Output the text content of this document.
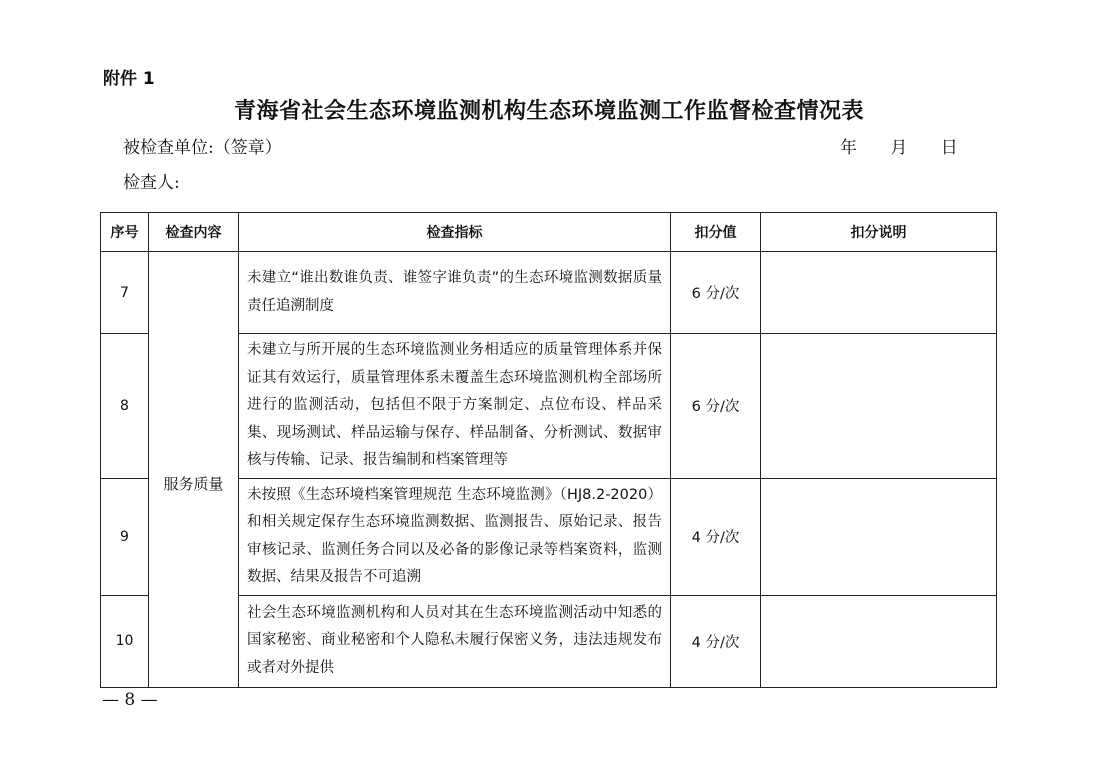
附件 1
青海省社会生态环境监测机构生态环境监测工作监督检查情况表
被检查单位:（签章）	年 月 日
检查人:
序号	检查内容	检查指标	扣分值	扣分说明
7	服务质量	未建立“谁出数谁负责、谁签字谁负责”的生态环境监测数据质量责任追溯制度	6 分/次	
8		未建立与所开展的生态环境监测业务相适应的质量管理体系并保证其有效运行，质量管理体系未覆盖生态环境监测机构全部场所进行的监测活动，包括但不限于方案制定、点位布设、样品采集、现场测试、样品运输与保存、样品制备、分析测试、数据审核与传输、记录、报告编制和档案管理等	6 分/次	
9		未按照《生态环境档案管理规范 生态环境监测》（HJ8.2-2020）和相关规定保存生态环境监测数据、监测报告、原始记录、报告审核记录、监测任务合同以及必备的影像记录等档案资料，监测数据、结果及报告不可追溯	4 分/次	
10		社会生态环境监测机构和人员对其在生态环境监测活动中知悉的国家秘密、商业秘密和个人隐私未履行保密义务，违法违规发布或者对外提供	4 分/次	
— 8 —
